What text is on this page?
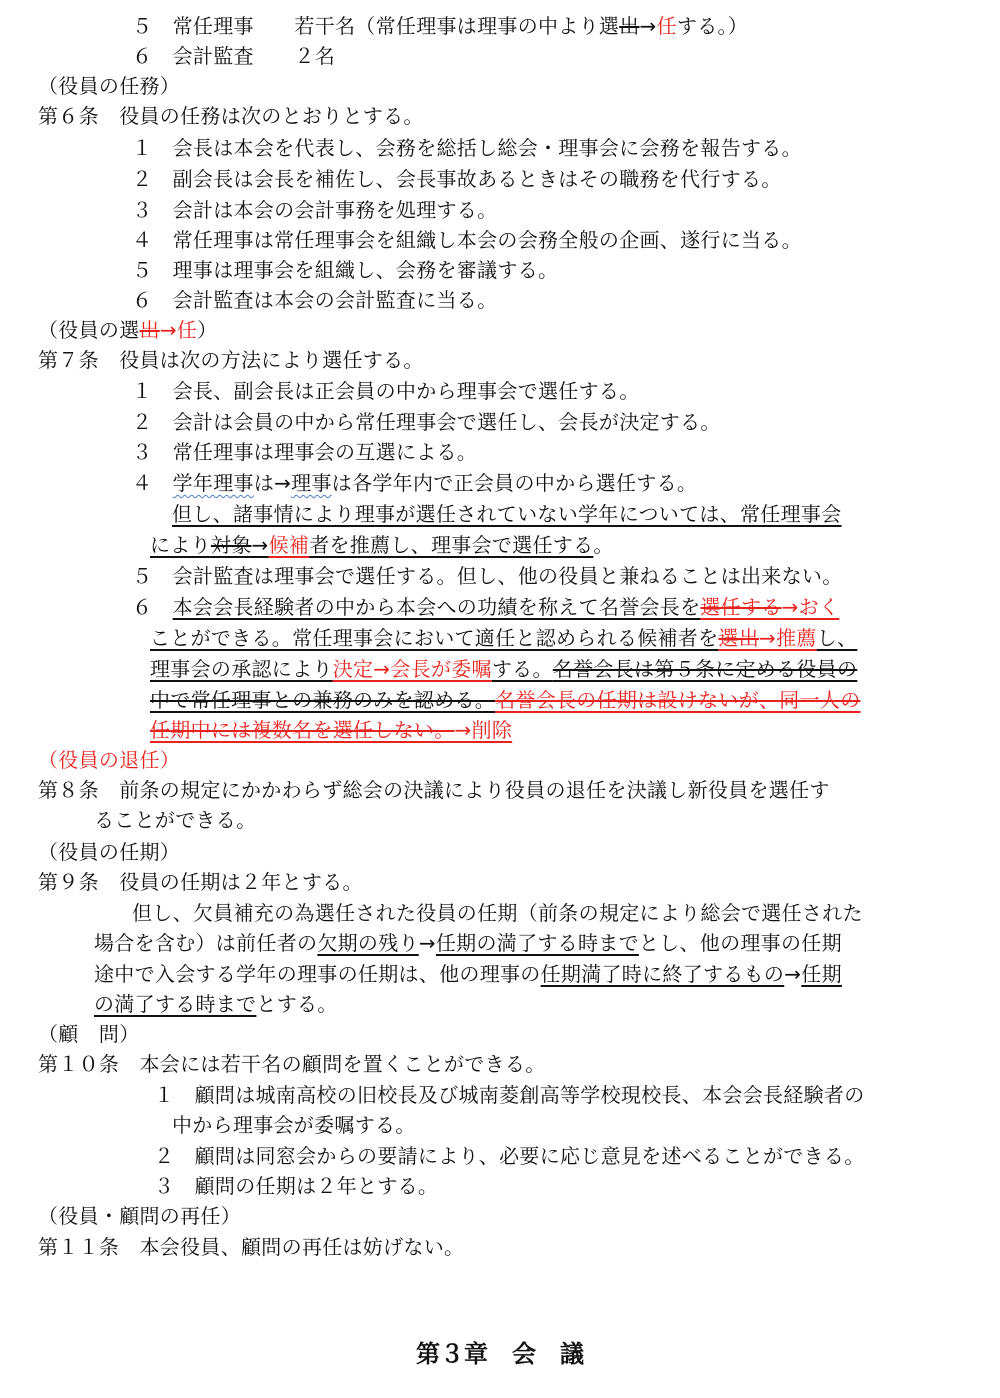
５　常任理事　　若干名（常任理事は理事の中より選出→任する。）
６　会計監査　　２名
（役員の任務）
第６条　役員の任務は次のとおりとする。
１　会長は本会を代表し、会務を総括し総会・理事会に会務を報告する。
２　副会長は会長を補佐し、会長事故あるときはその職務を代行する。
３　会計は本会の会計事務を処理する。
４　常任理事は常任理事会を組織し本会の会務全般の企画、遂行に当る。
５　理事は理事会を組織し、会務を審議する。
６　会計監査は本会の会計監査に当る。
（役員の選出→任）
第７条　役員は次の方法により選任する。
１　会長、副会長は正会員の中から理事会で選任する。
２　会計は会員の中から常任理事会で選任し、会長が決定する。
３　常任理事は理事会の互選による。
４　学年理事は→理事は各学年内で正会員の中から選任する。
但し、諸事情により理事が選任されていない学年については、常任理事会
により対象→候補者を推薦し、理事会で選任する。
５　会計監査は理事会で選任する。但し、他の役員と兼ねることは出来ない。
６　本会会長経験者の中から本会への功績を称えて名誉会長を選任する→おく
ことができる。常任理事会において適任と認められる候補者を選出→推薦し、
理事会の承認により決定→会長が委嘱する。名誉会長は第５条に定める役員の
中で常任理事との兼務のみを認める。名誉会長の任期は設けないが、同一人の
任期中には複数名を選任しない。→削除
（役員の退任）
第８条　前条の規定にかかわらず総会の決議により役員の退任を決議し新役員を選任す
ることができる。
（役員の任期）
第９条　役員の任期は２年とする。
但し、欠員補充の為選任された役員の任期（前条の規定により総会で選任された
場合を含む）は前任者の欠期の残り→任期の満了する時までとし、他の理事の任期
途中で入会する学年の理事の任期は、他の理事の任期満了時に終了するもの→任期
の満了する時までとする。
（顧　問）
第１０条　本会には若干名の顧問を置くことができる。
１　顧問は城南高校の旧校長及び城南菱創高等学校現校長、本会会長経験者の
中から理事会が委嘱する。
２　顧問は同窓会からの要請により、必要に応じ意見を述べることができる。
３　顧問の任期は２年とする。
（役員・顧問の再任）
第１１条　本会役員、顧問の再任は妨げない。
第３章　会　議
